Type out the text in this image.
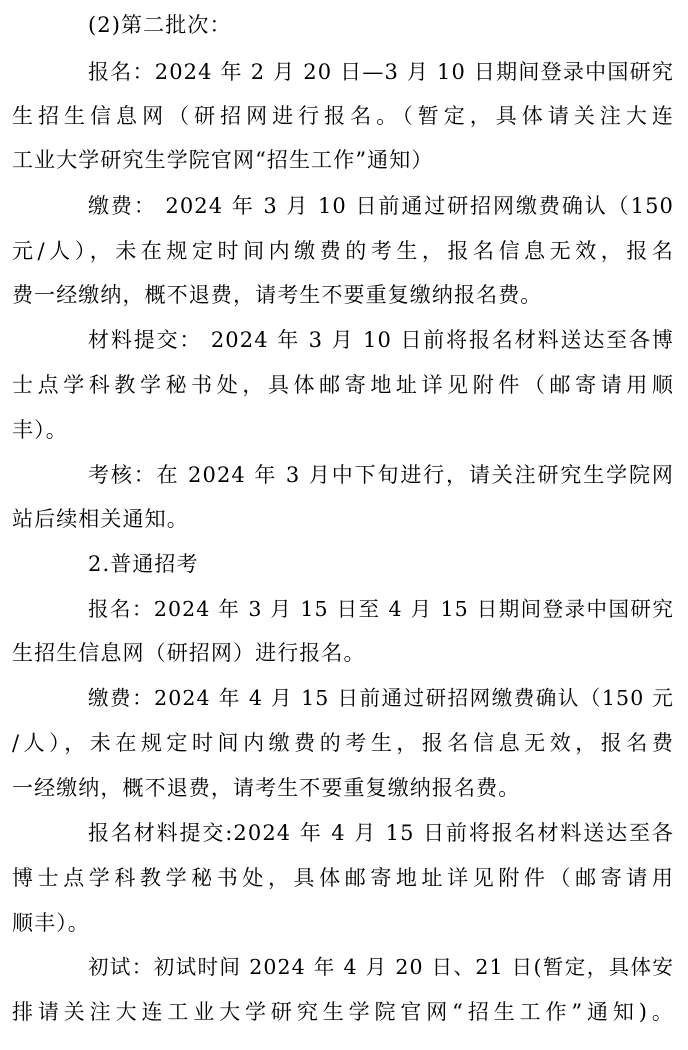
(2)第二批次：
报名：2024 年 2 月 20 日—3 月 10 日期间登录中国研究
生招生信息网（研招网进行报名。（暂定，具体请关注大连
工业大学研究生学院官网“招生工作”通知）
缴费： 2024 年 3 月 10 日前通过研招网缴费确认（150
元/人），未在规定时间内缴费的考生，报名信息无效，报名
费一经缴纳，概不退费，请考生不要重复缴纳报名费。
材料提交： 2024 年 3 月 10 日前将报名材料送达至各博
士点学科教学秘书处，具体邮寄地址详见附件（邮寄请用顺
丰）。
考核：在 2024 年 3 月中下旬进行，请关注研究生学院网
站后续相关通知。
2.普通招考
报名：2024 年 3 月 15 日至 4 月 15 日期间登录中国研究
生招生信息网（研招网）进行报名。
缴费：2024 年 4 月 15 日前通过研招网缴费确认（150 元
/人），未在规定时间内缴费的考生，报名信息无效，报名费
一经缴纳，概不退费，请考生不要重复缴纳报名费。
报名材料提交:2024 年 4 月 15 日前将报名材料送达至各
博士点学科教学秘书处，具体邮寄地址详见附件（邮寄请用
顺丰）。
初试：初试时间 2024 年 4 月 20 日、21 日(暂定，具体安
排请关注大连工业大学研究生学院官网“招生工作”通知)。
